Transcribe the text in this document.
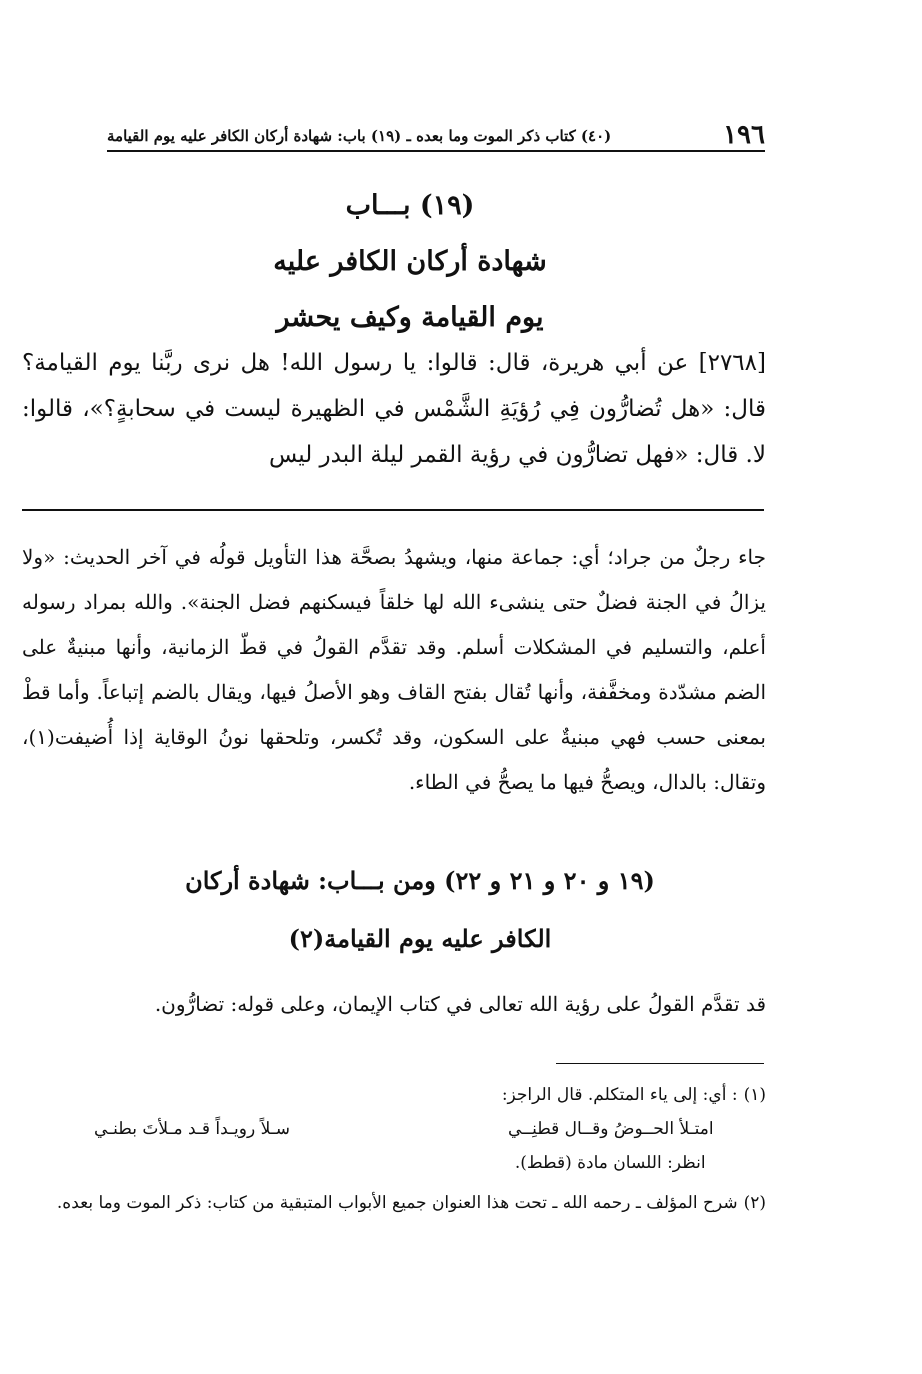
١٩٦
(٤٠) كتاب ذكر الموت وما بعده ـ (١٩) باب: شهادة أركان الكافر عليه يوم القيامة
(١٩) بـــاب
شهادة أركان الكافر عليه
يوم القيامة وكيف يحشر

[٢٧٦٨] عن أبي هريرة، قال: قالوا: يا رسول الله! هل نرى ربَّنا يوم القيامة؟ قال: «هل تُضارُّون فِي رُؤيَةِ الشَّمْس في الظهيرة ليست في سحابةٍ؟»، قالوا: لا. قال: «فهل تضارُّون في رؤية القمر ليلة البدر ليس

جاء رجلٌ من جراد؛ أي: جماعة منها، ويشهدُ بصحَّة هذا التأويل قولُه في آخر الحديث: «ولا يزالُ في الجنة فضلٌ حتى ينشىء الله لها خلقاً فيسكنهم فضل الجنة». والله بمراد رسوله أعلم، والتسليم في المشكلات أسلم. وقد تقدَّم القولُ في قطّ الزمانية، وأنها مبنيةٌ على الضم مشدّدة ومخفَّفة، وأنها تُقال بفتح القاف وهو الأصلُ فيها، ويقال بالضم إتباعاً. وأما قطْ بمعنى حسب فهي مبنيةٌ على السكون، وقد تُكسر، وتلحقها نونُ الوقاية إذا أُضيفت(١)، وتقال: بالدال، ويصحُّ فيها ما يصحُّ في الطاء.

(١٩ و ٢٠ و ٢١ و ٢٢) ومن بـــاب: شهادة أركان
الكافر عليه يوم القيامة(٢)

قد تقدَّم القولُ على رؤية الله تعالى في كتاب الإيمان، وعلى قوله: تضارُّون.

(١)
: أي: إلى ياء المتكلم. قال الراجز:
امتـلأ الحــوضُ وقــال قطنِــي
سـلاً رويـداً قـد مـلأتَ بطنـي
انظر: اللسان مادة (قطط).
(٢)

شرح المؤلف ـ رحمه الله ـ تحت هذا العنوان جميع الأبواب المتبقية من كتاب: ذكر الموت وما بعده.
